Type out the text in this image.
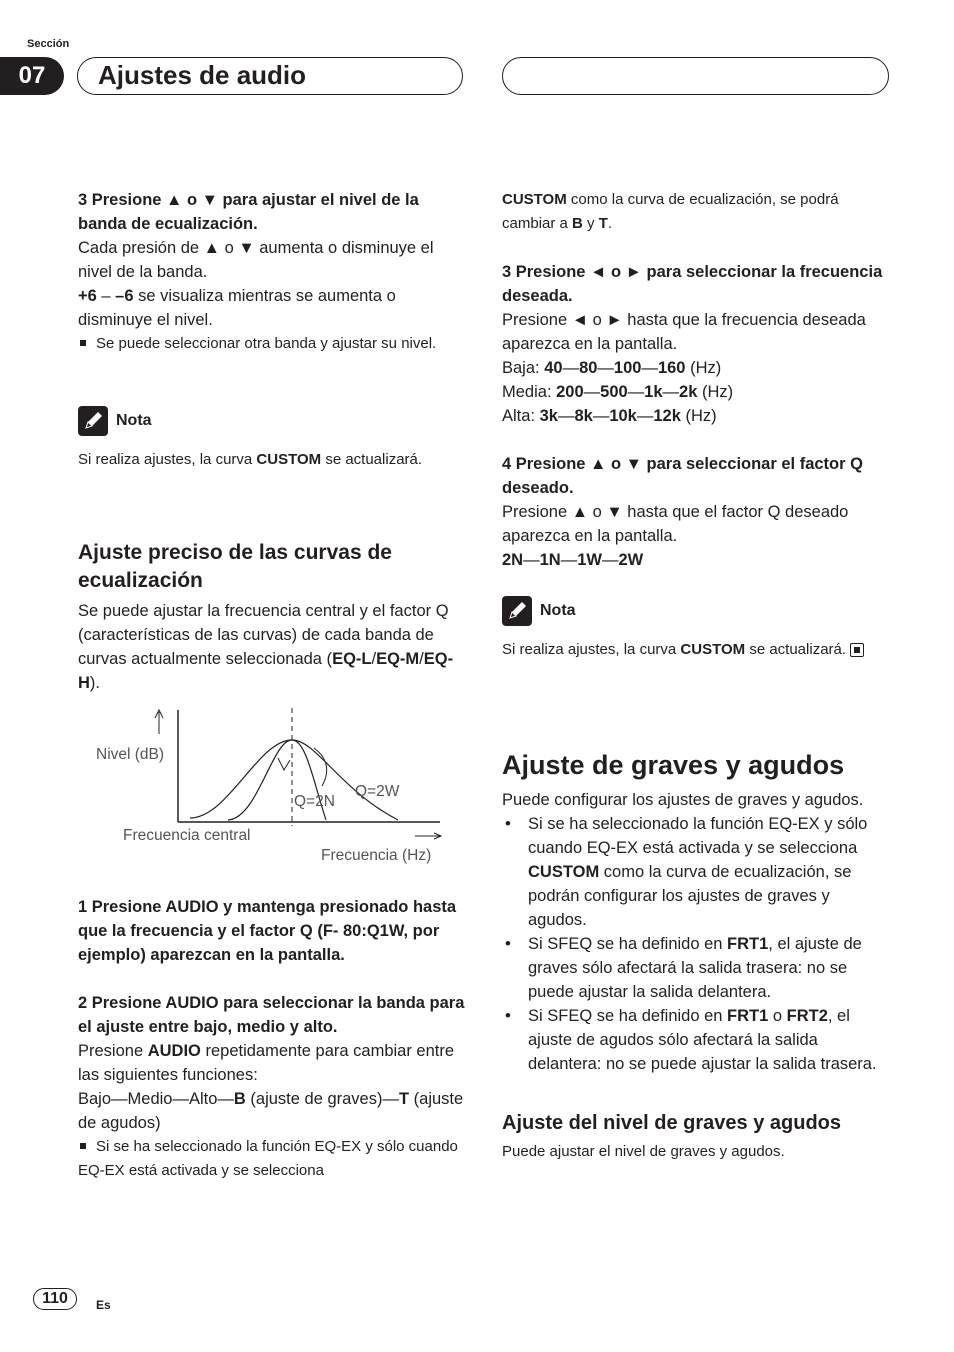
Sección
07	Ajustes de audio

3 Presione ▲ o ▼ para ajustar el nivel de la banda de ecualización.

Cada presión de ▲ o ▼ aumenta o disminuye el nivel de la banda.

+6 – –6 se visualiza mientras se aumenta o disminuye el nivel.

Se puede seleccionar otra banda y ajustar su nivel.

Nota

Si realiza ajustes, la curva CUSTOM se actualizará.

Ajuste preciso de las curvas de ecualización

Se puede ajustar la frecuencia central y el factor Q (características de las curvas) de cada banda de curvas actualmente seleccionada (EQ-L/EQ-M/EQ-H).

Nivel (dB)
Q=2N
Q=2W
Frecuencia central
Frecuencia (Hz)

1 Presione AUDIO y mantenga presionado hasta que la frecuencia y el factor Q (F- 80:Q1W, por ejemplo) aparezcan en la pantalla.

2 Presione AUDIO para seleccionar la banda para el ajuste entre bajo, medio y alto.

Presione AUDIO repetidamente para cambiar entre las siguientes funciones:

Bajo—Medio—Alto—B (ajuste de graves)—T (ajuste de agudos)

Si se ha seleccionado la función EQ-EX y sólo cuando EQ-EX está activada y se selecciona

CUSTOM como la curva de ecualización, se podrá cambiar a B y T.

3 Presione ◄ o ► para seleccionar la frecuencia deseada.

Presione ◄ o ► hasta que la frecuencia deseada aparezca en la pantalla.

Baja: 40—80—100—160 (Hz)

Media: 200—500—1k—2k (Hz)

Alta: 3k—8k—10k—12k (Hz)

4 Presione ▲ o ▼ para seleccionar el factor Q deseado.

Presione ▲ o ▼ hasta que el factor Q deseado aparezca en la pantalla.

2N—1N—1W—2W

Nota

Si realiza ajustes, la curva CUSTOM se actualizará.

Ajuste de graves y agudos

Puede configurar los ajustes de graves y agudos.

• Si se ha seleccionado la función EQ-EX y sólo cuando EQ-EX está activada y se selecciona CUSTOM como la curva de ecualización, se podrán configurar los ajustes de graves y agudos.

• Si SFEQ se ha definido en FRT1, el ajuste de graves sólo afectará la salida trasera: no se puede ajustar la salida delantera.

• Si SFEQ se ha definido en FRT1 o FRT2, el ajuste de agudos sólo afectará la salida delantera: no se puede ajustar la salida trasera.

Ajuste del nivel de graves y agudos

Puede ajustar el nivel de graves y agudos.

110	Es
